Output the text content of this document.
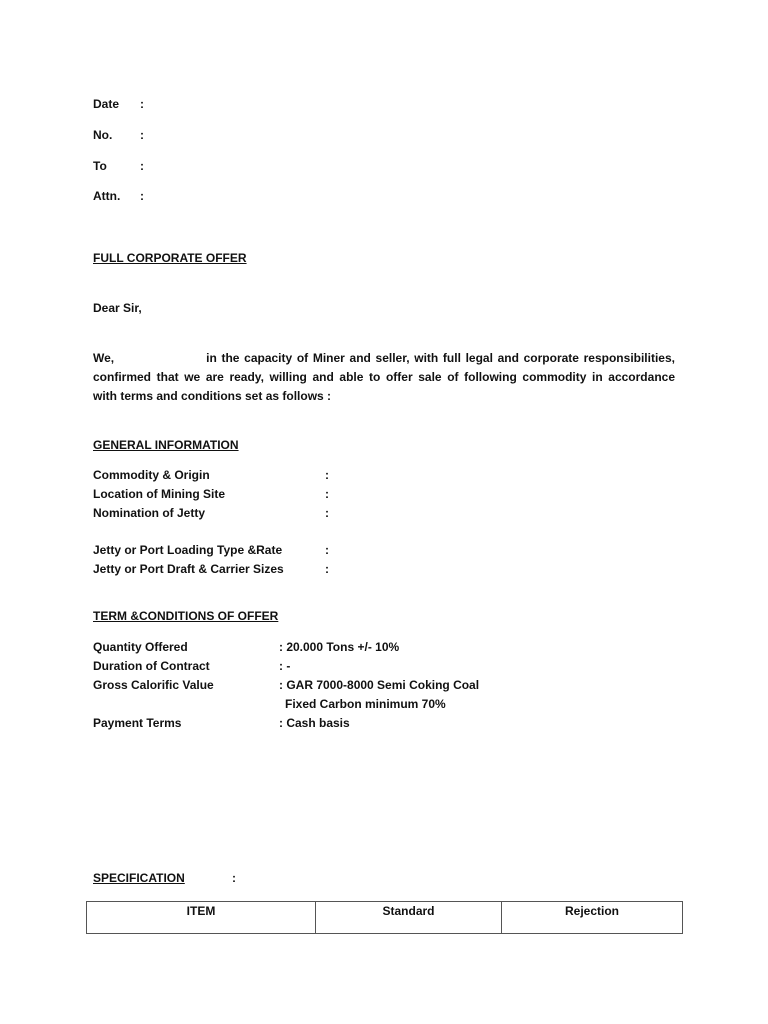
Date :
No. :
To	:
Attn. :
FULL CORPORATE OFFER
Dear Sir,
We,	in the capacity of Miner and seller, with full legal and corporate responsibilities,
confirmed that we are ready, willing and able to offer sale of following commodity in accordance
with terms and conditions set as follows :
GENERAL INFORMATION
Commodity & Origin	:
Location of Mining Site	:
Nomination of Jetty	:
Jetty or Port Loading Type &Rate	:
Jetty or Port Draft & Carrier Sizes	:
TERM &CONDITIONS OF OFFER
Quantity Offered	: 20.000 Tons +/- 10%
Duration of Contract	: -
Gross Calorific Value	: GAR 7000-8000 Semi Coking Coal
Fixed Carbon minimum 70%
Payment Terms	: Cash basis
SPECIFICATION	:
ITEM	Standard	Rejection
